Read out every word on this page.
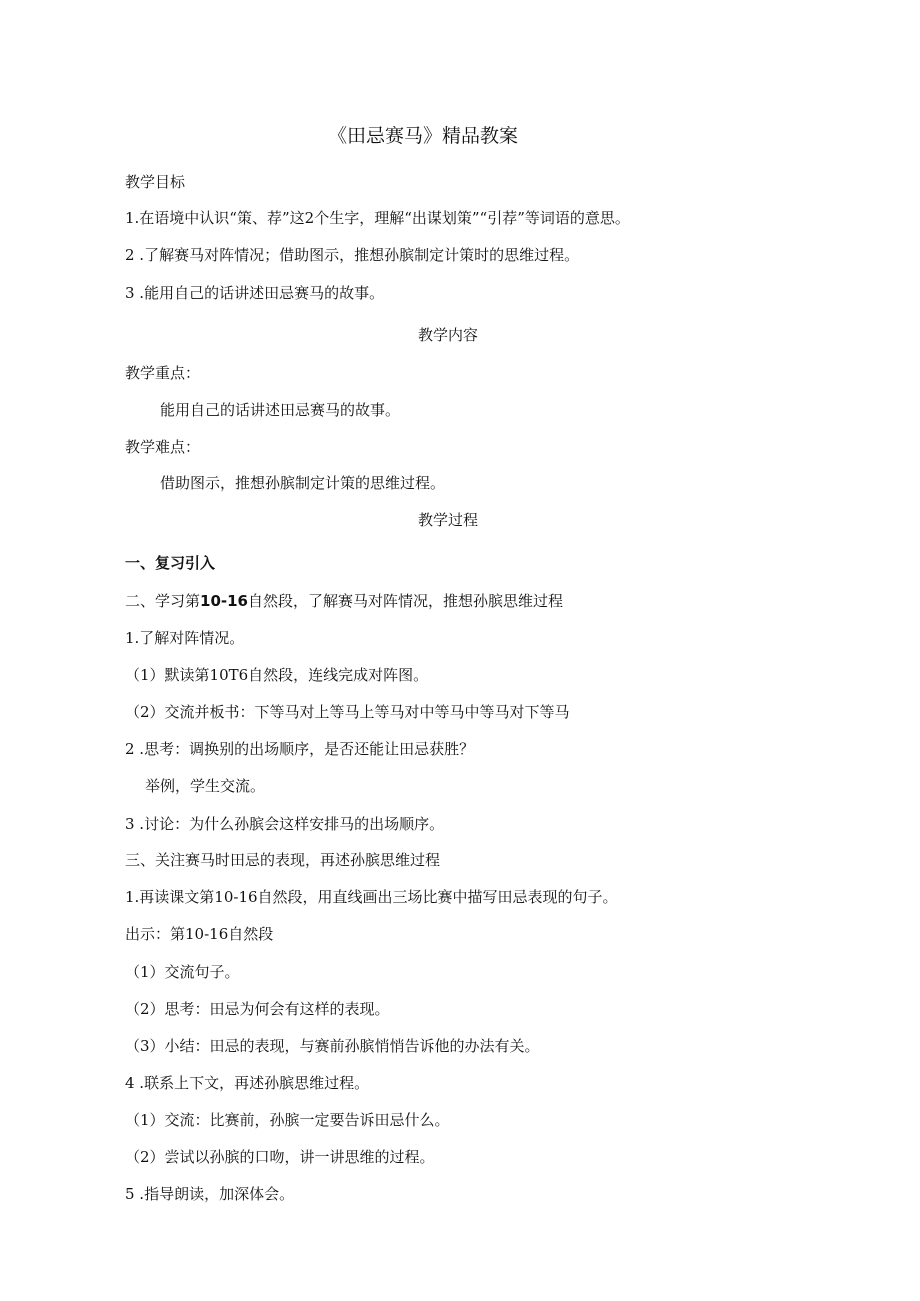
《田忌赛马》精品教案

教学目标

1.在语境中认识“策、荐”这2个生字，理解“出谋划策”“引荐”等词语的意思。

2 .了解赛马对阵情况；借助图示，推想孙膑制定计策时的思维过程。

3 .能用自己的话讲述田忌赛马的故事。

教学内容

教学重点：

能用自己的话讲述田忌赛马的故事。

教学难点：

借助图示，推想孙膑制定计策的思维过程。

教学过程

一、复习引入

二、学习第10-16自然段，了解赛马对阵情况，推想孙膑思维过程

1.了解对阵情况。

（1）默读第10T6自然段，连线完成对阵图。

（2）交流并板书：下等马对上等马上等马对中等马中等马对下等马

2 .思考：调换别的出场顺序，是否还能让田忌获胜？

举例，学生交流。

3 .讨论：为什么孙膑会这样安排马的出场顺序。

三、关注赛马时田忌的表现，再述孙膑思维过程

1.再读课文第10-16自然段，用直线画出三场比赛中描写田忌表现的句子。

出示：第10-16自然段

（1）交流句子。

（2）思考：田忌为何会有这样的表现。

（3）小结：田忌的表现，与赛前孙膑悄悄告诉他的办法有关。

4 .联系上下文，再述孙膑思维过程。

（1）交流：比赛前，孙膑一定要告诉田忌什么。

（2）尝试以孙膑的口吻，讲一讲思维的过程。

5 .指导朗读，加深体会。
